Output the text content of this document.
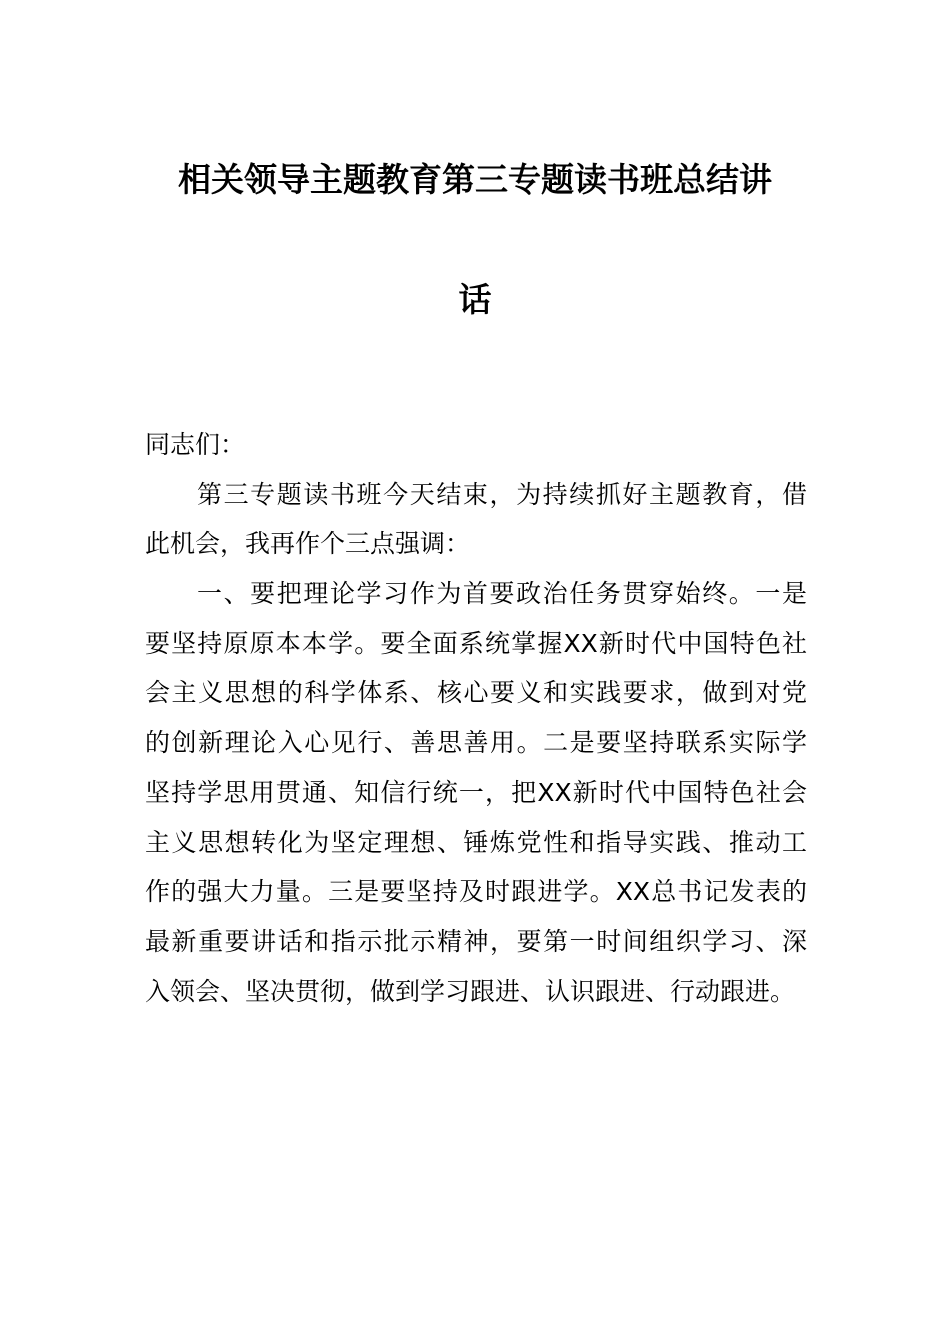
相关领导主题教育第三专题读书班总结讲
话
同志们：
第三专题读书班今天结束，为持续抓好主题教育，借
此机会，我再作个三点强调：
一、要把理论学习作为首要政治任务贯穿始终。一是
要坚持原原本本学。要全面系统掌握XX新时代中国特色社
会主义思想的科学体系、核心要义和实践要求，做到对党
的创新理论入心见行、善思善用。二是要坚持联系实际学
坚持学思用贯通、知信行统一，把XX新时代中国特色社会
主义思想转化为坚定理想、锤炼党性和指导实践、推动工
作的强大力量。三是要坚持及时跟进学。XX总书记发表的
最新重要讲话和指示批示精神，要第一时间组织学习、深
入领会、坚决贯彻，做到学习跟进、认识跟进、行动跟进。
